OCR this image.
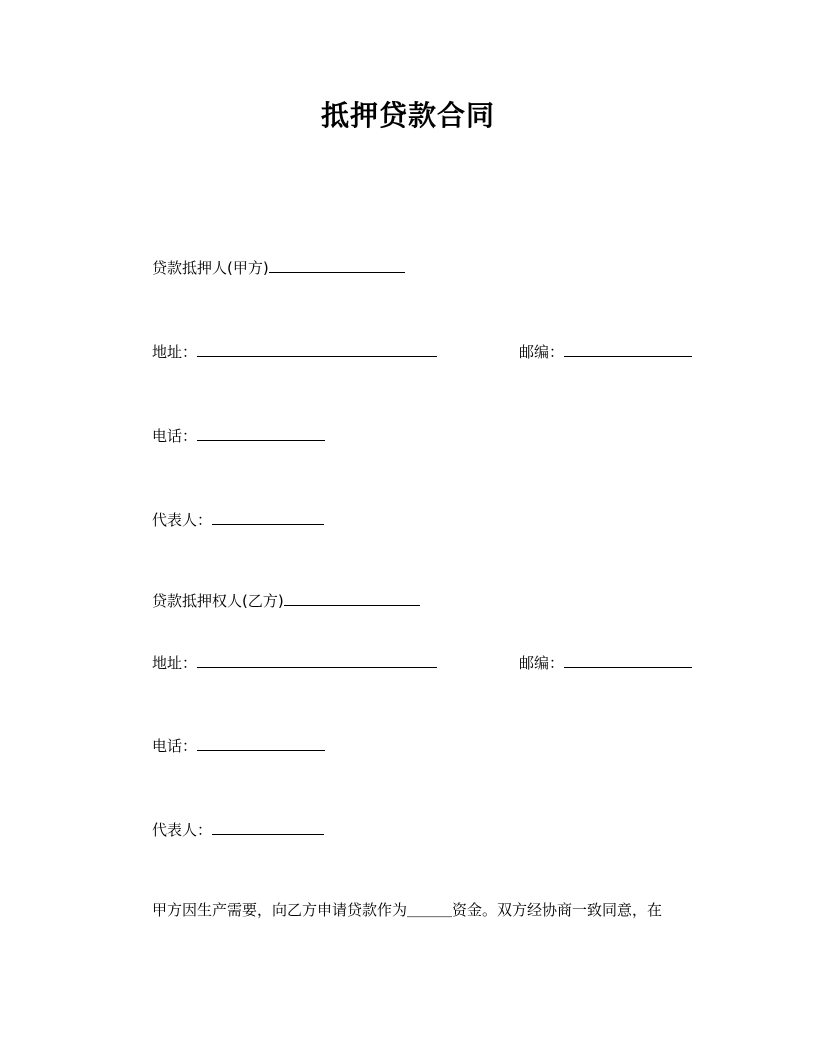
抵押贷款合同
贷款抵押人(甲方)
地址：	邮编：
电话：
代表人：
贷款抵押权人(乙方)
地址：	邮编：
电话：
代表人：
甲方因生产需要，向乙方申请贷款作为＿＿＿资金。双方经协商一致同意，在
